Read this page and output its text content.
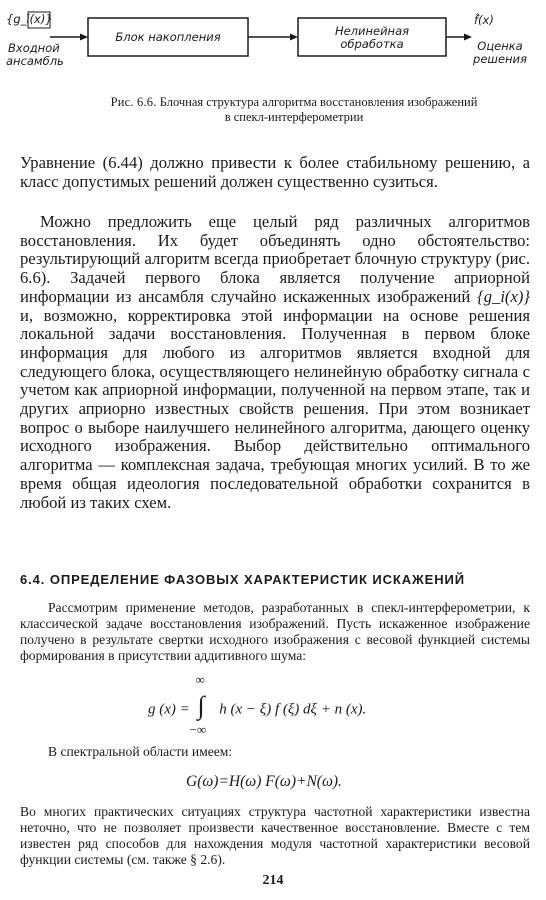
{g_i(x)}
Входной
ансамбль
Блок накопления	Нелинейная
обработка
f̂(x)
Оценка
решения
Рис. 6.6. Блочная структура алгоритма восстановления изображений
в спекл-интерферометрии

Уравнение (6.44) должно привести к более стабильному решению, а класс допустимых решений должен существенно сузиться.

Можно предложить еще целый ряд различных алгоритмов восстановления. Их будет объединять одно обстоятельство: результирующий алгоритм всегда приобретает блочную структуру (рис. 6.6). Задачей первого блока является получение априорной информации из ансамбля случайно искаженных изображений {g_i(x)} и, возможно, корректировка этой информации на основе решения локальной задачи восстановления. Полученная в первом блоке информация для любого из алгоритмов является входной для следующего блока, осуществляющего нелинейную обработку сигнала с учетом как априорной информации, полученной на первом этапе, так и других априорно известных свойств решения. При этом возникает вопрос о выборе наилучшего нелинейного алгоритма, дающего оценку исходного изображения. Выбор действительно оптимального алгоритма — комплексная задача, требующая многих усилий. В то же время общая идеология последовательной обработки сохранится в любой из таких схем.

6.4. ОПРЕДЕЛЕНИЕ ФАЗОВЫХ ХАРАКТЕРИСТИК ИСКАЖЕНИЙ

Рассмотрим применение методов, разработанных в спекл-интерферометрии, к классической задаче восстановления изображений. Пусть искаженное изображение получено в результате свертки исходного изображения с весовой функцией системы формирования в присутствии аддитивного шума:

g (x) =
∞
∫
−∞
h (x − ξ) f (ξ) dξ + n (x).

В спектральной области имеем:

G(ω)=H(ω) F(ω)+N(ω).

Во многих практических ситуациях структура частотной характеристики известна неточно, что не позволяет произвести качественное восстановление. Вместе с тем известен ряд способов для нахождения модуля частотной характеристики весовой функции системы (см. также § 2.6).

214
